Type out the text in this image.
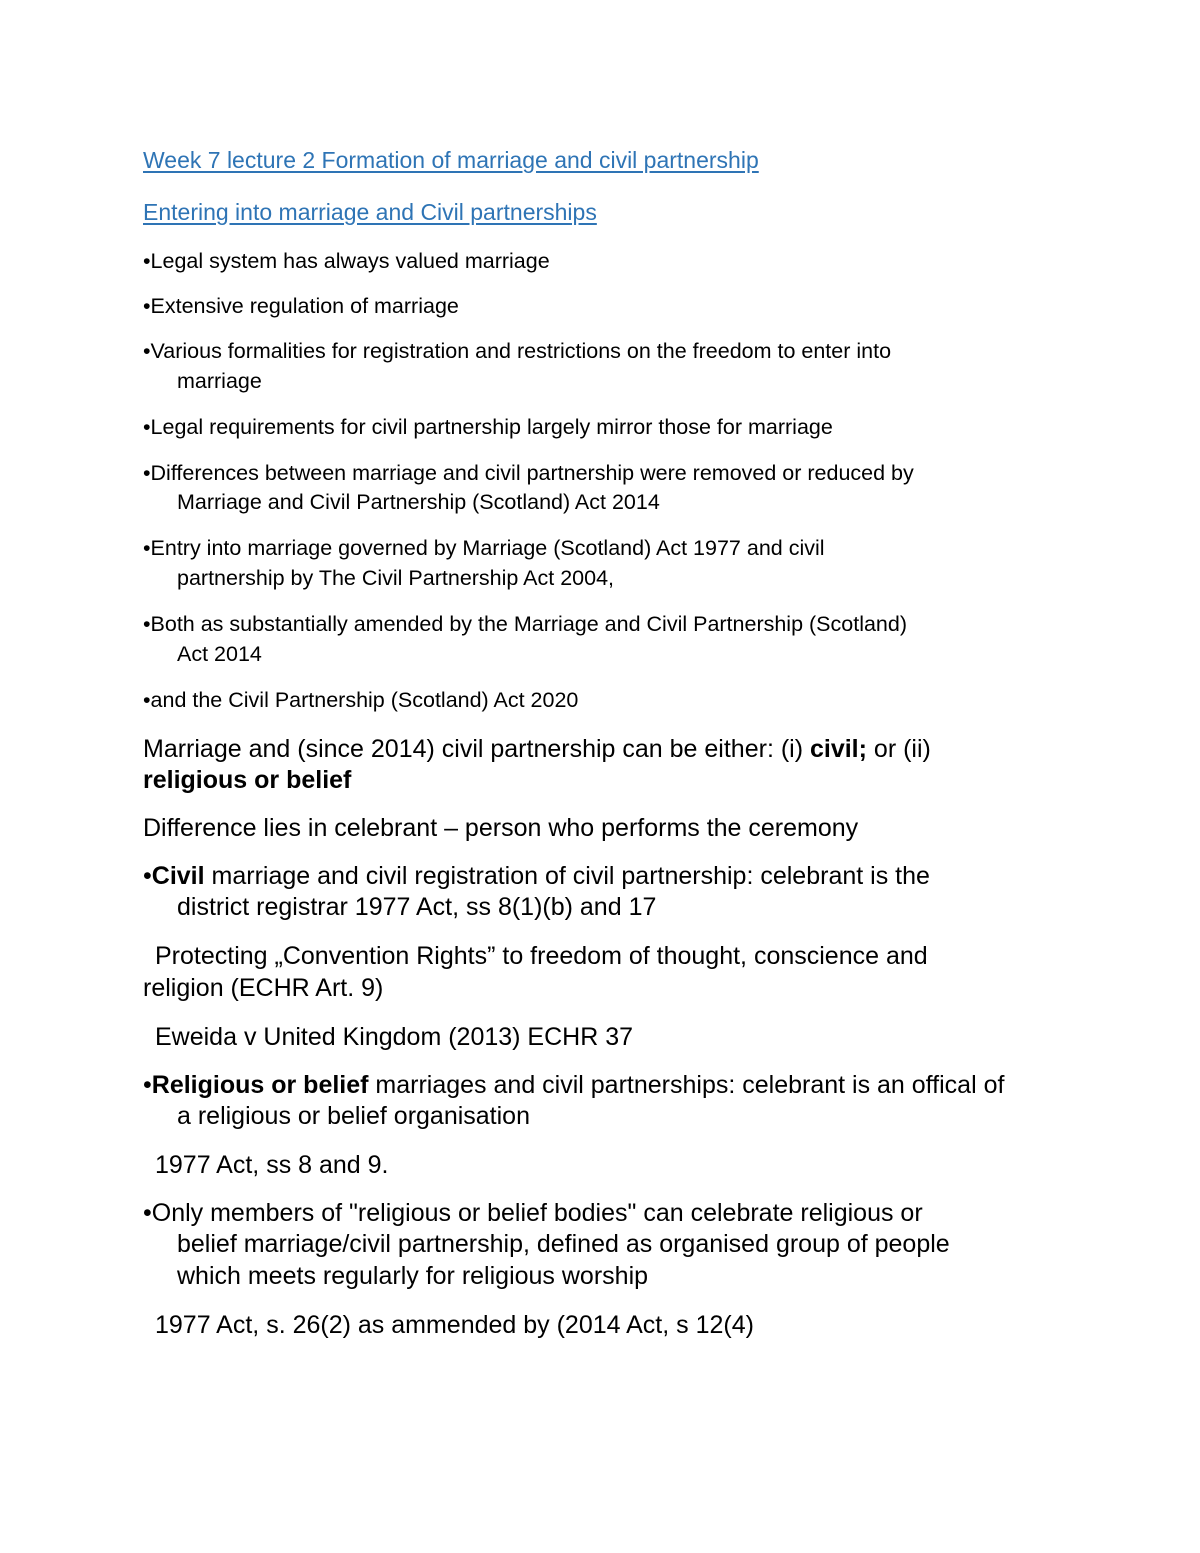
Week 7 lecture 2 Formation of marriage and civil partnership
Entering into marriage and Civil partnerships
•Legal system has always valued marriage
•Extensive regulation of marriage
•Various formalities for registration and restrictions on the freedom to enter into
marriage
•Legal requirements for civil partnership largely mirror those for marriage
•Differences between marriage and civil partnership were removed or reduced by
Marriage and Civil Partnership (Scotland) Act 2014
•Entry into marriage governed by Marriage (Scotland) Act 1977 and civil
partnership by The Civil Partnership Act 2004,
•Both as substantially amended by the Marriage and Civil Partnership (Scotland)
Act 2014
•and the Civil Partnership (Scotland) Act 2020
Marriage and (since 2014) civil partnership can be either: (i) civil; or (ii)
religious or belief
Difference lies in celebrant – person who performs the ceremony
•Civil marriage and civil registration of civil partnership: celebrant is the
district registrar 1977 Act, ss 8(1)(b) and 17
Protecting „Convention Rights” to freedom of thought, conscience and
religion (ECHR Art. 9)
Eweida v United Kingdom (2013) ECHR 37
•Religious or belief marriages and civil partnerships: celebrant is an offical of
a religious or belief organisation
1977 Act, ss 8 and 9.
•Only members of "religious or belief bodies" can celebrate religious or
belief marriage/civil partnership, defined as organised group of people
which meets regularly for religious worship
1977 Act, s. 26(2) as ammended by (2014 Act, s 12(4)
